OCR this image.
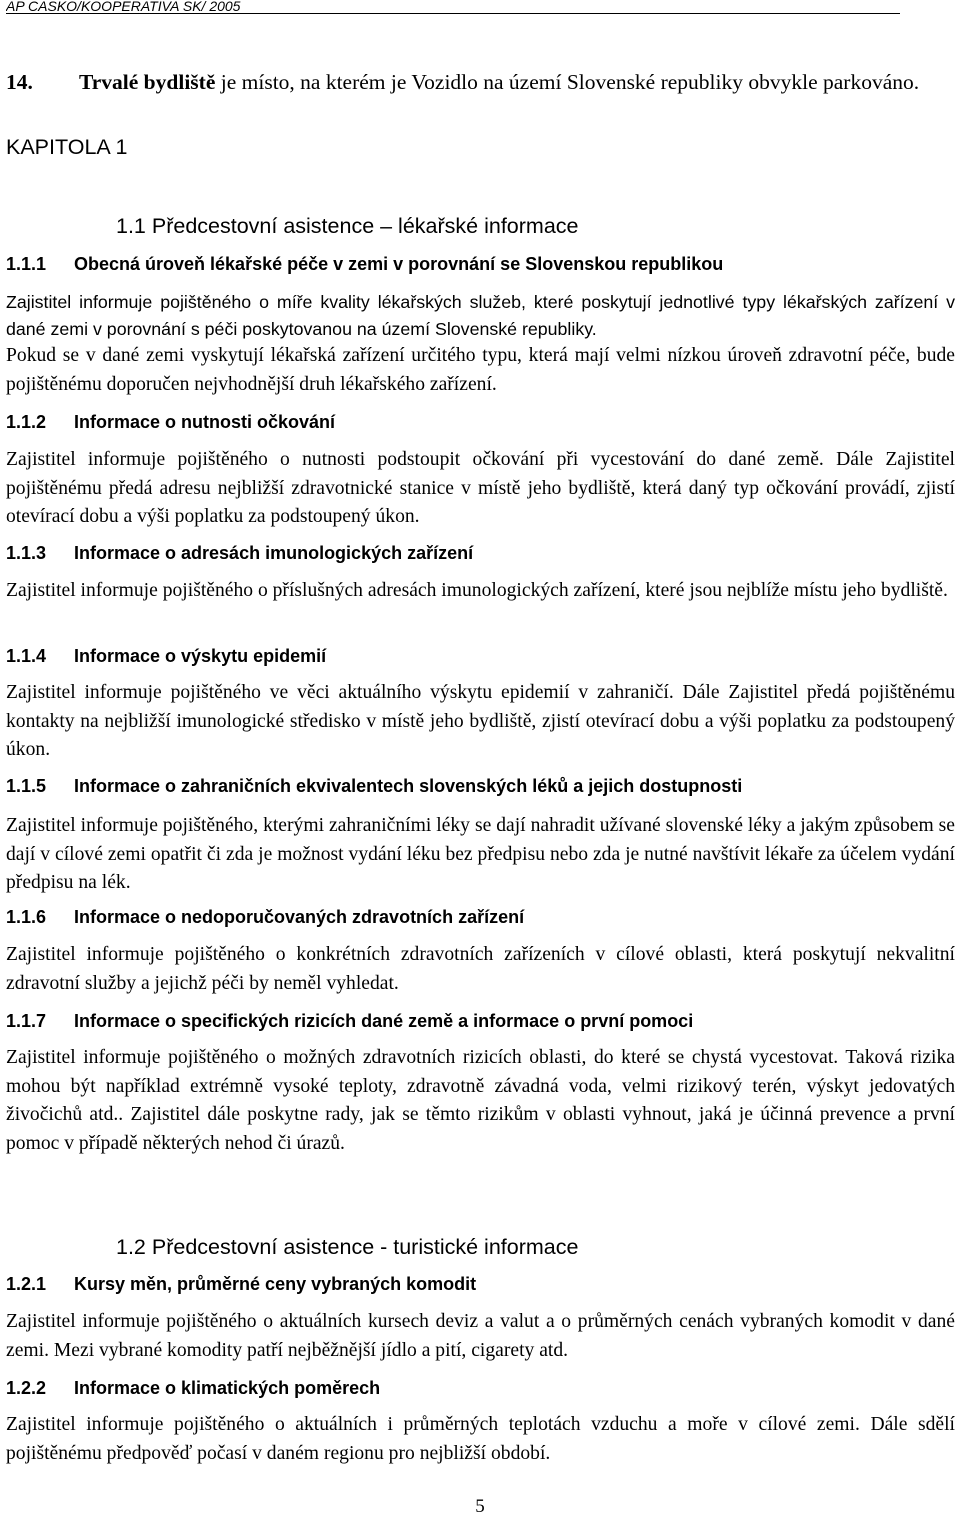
AP CASKO/KOOPERATIVA SK/ 2005
14. Trvalé bydliště je místo, na kterém je Vozidlo na území Slovenské republiky obvykle parkováno.
KAPITOLA 1
1.1 Předcestovní asistence – lékařské informace
1.1.1 Obecná úroveň lékařské péče v zemi v porovnání se Slovenskou republikou
Zajistitel informuje pojištěného o míře kvality lékařských služeb, které poskytují jednotlivé typy lékařských zařízení v dané zemi v porovnání s péči poskytovanou na území Slovenské republiky.
Pokud se v dané zemi vyskytují lékařská zařízení určitého typu, která mají velmi nízkou úroveň zdravotní péče, bude pojištěnému doporučen nejvhodnější druh lékařského zařízení.
1.1.2 Informace o nutnosti očkování
Zajistitel informuje pojištěného o nutnosti podstoupit očkování při vycestování do dané země. Dále Zajistitel pojištěnému předá adresu nejbližší zdravotnické stanice v místě jeho bydliště, která daný typ očkování provádí, zjistí otevírací dobu a výši poplatku za podstoupený úkon.
1.1.3 Informace o adresách imunologických zařízení
Zajistitel informuje pojištěného o příslušných adresách imunologických zařízení, které jsou nejblíže místu jeho bydliště.
1.1.4 Informace o výskytu epidemií
Zajistitel informuje pojištěného ve věci aktuálního výskytu epidemií v zahraničí. Dále Zajistitel předá pojištěnému kontakty na nejbližší imunologické středisko v místě jeho bydliště, zjistí otevírací dobu a výši poplatku za podstoupený úkon.
1.1.5 Informace o zahraničních ekvivalentech slovenských léků a jejich dostupnosti
Zajistitel informuje pojištěného, kterými zahraničními léky se dají nahradit užívané slovenské léky a jakým způsobem se dají v cílové zemi opatřit či zda je možnost vydání léku bez předpisu nebo zda je nutné navštívit lékaře za účelem vydání předpisu na lék.
1.1.6 Informace o nedoporučovaných zdravotních zařízení
Zajistitel informuje pojištěného o konkrétních zdravotních zařízeních v cílové oblasti, která poskytují nekvalitní zdravotní služby a jejichž péči by neměl vyhledat.
1.1.7 Informace o specifických rizicích dané země a informace o první pomoci
Zajistitel informuje pojištěného o možných zdravotních rizicích oblasti, do které se chystá vycestovat. Taková rizika mohou být například extrémně vysoké teploty, zdravotně závadná voda, velmi rizikový terén, výskyt jedovatých živočichů atd.. Zajistitel dále poskytne rady, jak se těmto rizikům v oblasti vyhnout, jaká je účinná prevence a první pomoc v případě některých nehod či úrazů.
1.2 Předcestovní asistence - turistické informace
1.2.1 Kursy měn, průměrné ceny vybraných komodit
Zajistitel informuje pojištěného o aktuálních kursech deviz a valut a o průměrných cenách vybraných komodit v dané zemi. Mezi vybrané komodity patří nejběžnější jídlo a pití, cigarety atd.
1.2.2 Informace o klimatických poměrech
Zajistitel informuje pojištěného o aktuálních i průměrných teplotách vzduchu a moře v cílové zemi. Dále sdělí pojištěnému předpověď počasí v daném regionu pro nejbližší období.
5
